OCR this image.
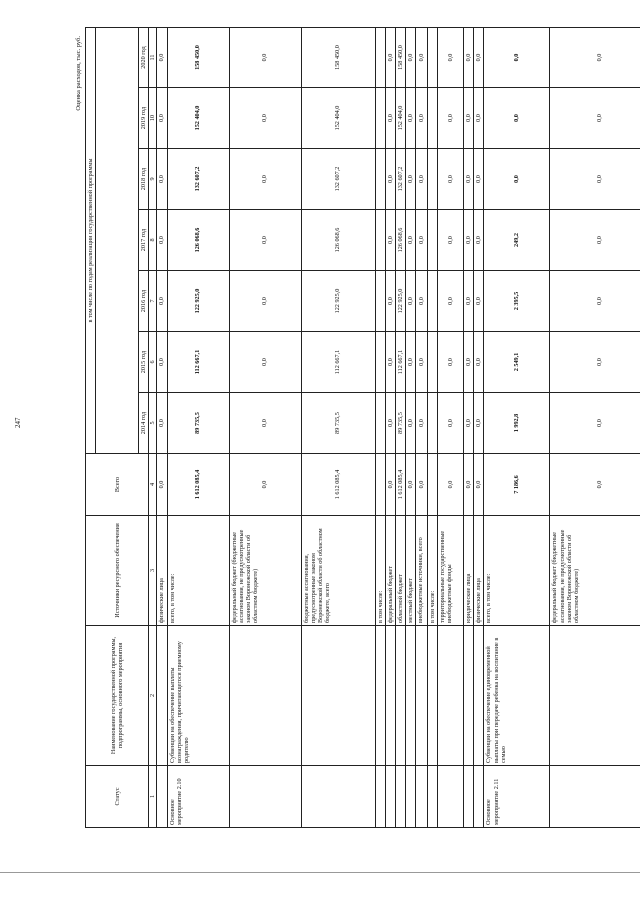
247
Оценка расходов, тыс. руб.
Статус	Наименование государственной программы, подпрограммы, основного мероприятия	Источники ресурсного обеспечения	Всего	в том числе по годам реализации государственной программы						

				2014 год	2015 год	2016 год	2017 год	2018 год	2019 год	2020 год
1	2	3	4	5	6	7	8	9	10	11
		физические лица	0,0	0,0	0,0	0,0	0,0	0,0	0,0	0,0
Основное мероприятие 2.10	Субвенции на обеспечение выплаты вознаграждения, причитающегося приемному родителю	всего, в том числе:	1 612 085,4	89 735,5	112 667,1	122 925,0	126 068,6	132 607,2	152 404,0	158 450,0
		федеральный бюджет (бюджетные ассигнования, не предусмотренные законом Воронежской области об областном бюджете)	0,0	0,0	0,0	0,0	0,0	0,0	0,0	0,0
		бюджетные ассигнования, предусмотренные законом Воронежской области об областном бюджете, всего	1 612 085,4	89 735,5	112 667,1	122 925,0	126 068,6	132 607,2	152 404,0	158 450,0
		в том числе:								
		федеральный бюджет	0,0	0,0	0,0	0,0	0,0	0,0	0,0	0,0
		областной бюджет	1 612 085,4	89 735,5	112 667,1	122 925,0	126 068,6	132 607,2	152 404,0	158 450,0
		местный бюджет	0,0	0,0	0,0	0,0	0,0	0,0	0,0	0,0
		внебюджетные источники, всего	0,0	0,0	0,0	0,0	0,0	0,0	0,0	0,0
		в том числе:								
		территориальные государственные внебюджетные фонды	0,0	0,0	0,0	0,0	0,0	0,0	0,0	0,0
		юридические лица	0,0	0,0	0,0	0,0	0,0	0,0	0,0	0,0
		физические лица	0,0	0,0	0,0	0,0	0,0	0,0	0,0	0,0
Основное мероприятие 2.11	Субвенции на обеспечение единовременной выплаты при передаче ребенка на воспитание в семью	всего, в том числе:	7 186,6	1 992,8	2 549,1	2 395,5	249,2	0,0	0,0	0,0
		федеральный бюджет (бюджетные ассигнования, не предусмотренные законом Воронежской области об областном бюджете)	0,0	0,0	0,0	0,0	0,0	0,0	0,0	0,0
